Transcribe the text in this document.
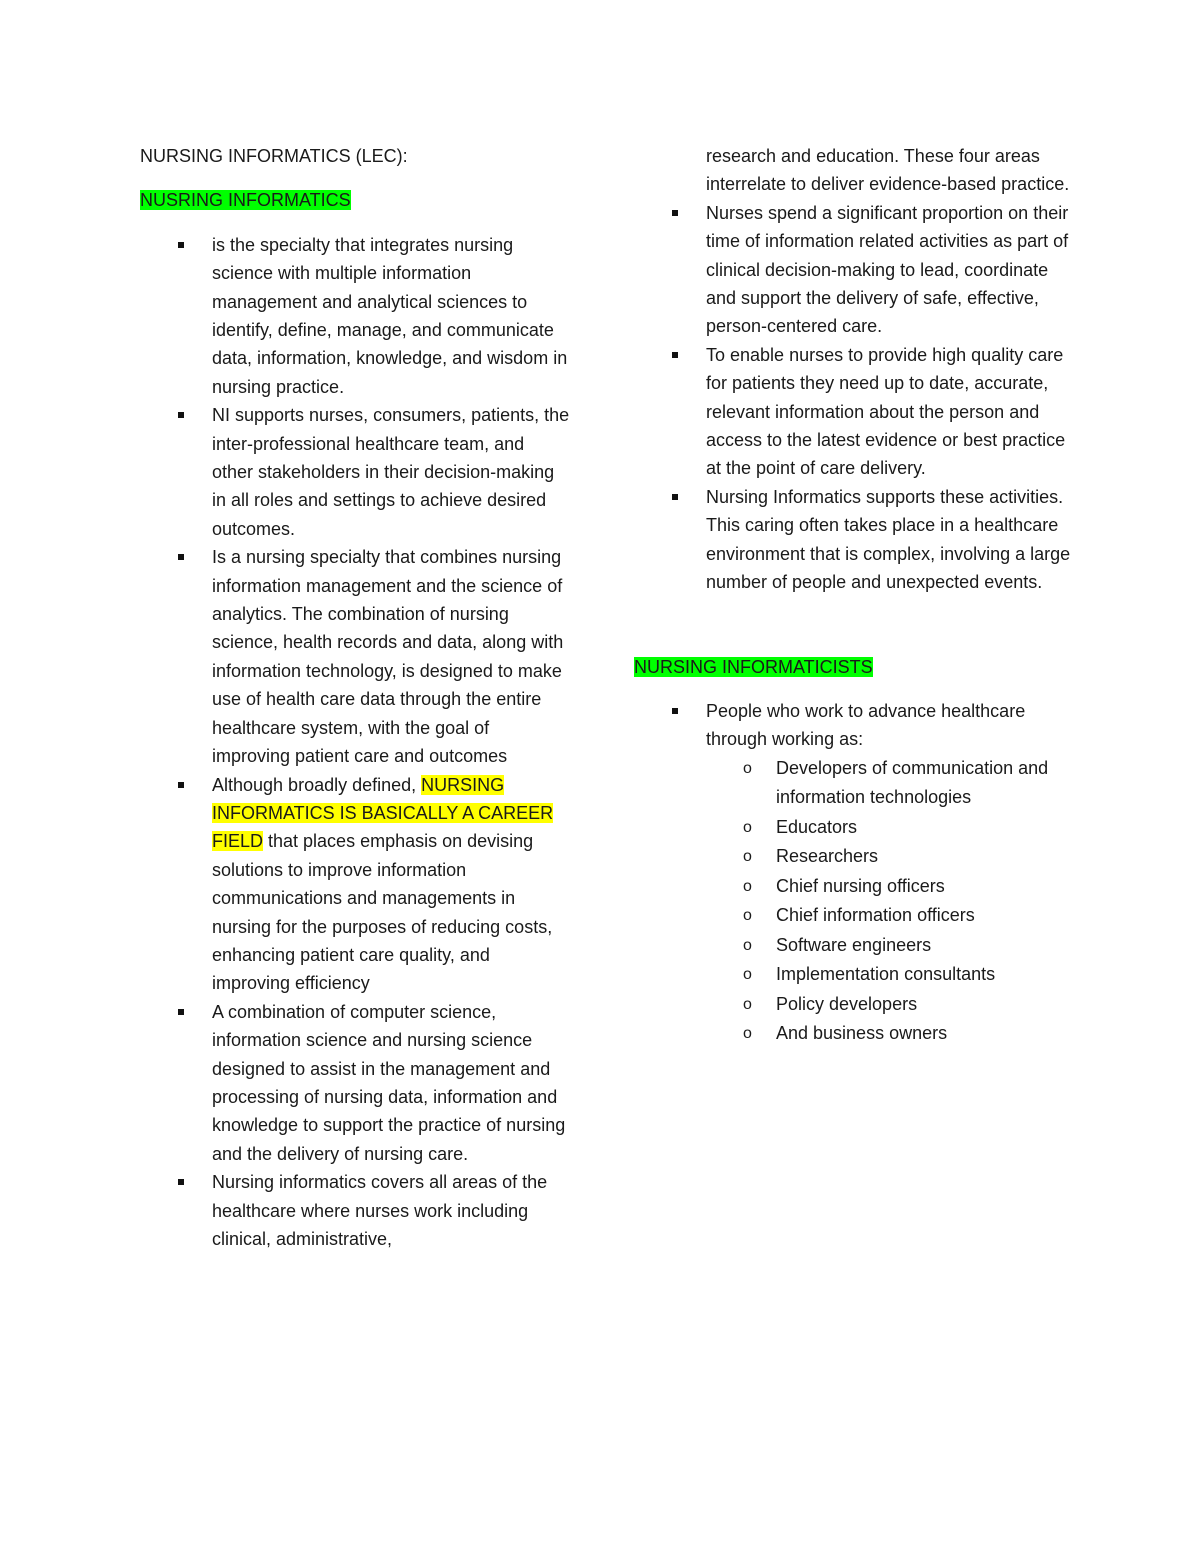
NURSING INFORMATICS (LEC):
NUSRING INFORMATICS
is the specialty that integrates nursing science with multiple information management and analytical sciences to identify, define, manage, and communicate data, information, knowledge, and wisdom in nursing practice.
NI supports nurses, consumers, patients, the inter-professional healthcare team, and other stakeholders in their decision-making in all roles and settings to achieve desired outcomes.
Is a nursing specialty that combines nursing information management and the science of analytics. The combination of nursing science, health records and data, along with information technology, is designed to make use of health care data through the entire healthcare system, with the goal of improving patient care and outcomes
Although broadly defined, NURSING INFORMATICS IS BASICALLY A CAREER FIELD that places emphasis on devising solutions to improve information communications and managements in nursing for the purposes of reducing costs, enhancing patient care quality, and improving efficiency
A combination of computer science, information science and nursing science designed to assist in the management and processing of nursing data, information and knowledge to support the practice of nursing and the delivery of nursing care.
Nursing informatics covers all areas of the healthcare where nurses work including clinical, administrative,
research and education. These four areas interrelate to deliver evidence-based practice.
Nurses spend a significant proportion on their time of information related activities as part of clinical decision-making to lead, coordinate and support the delivery of safe, effective, person-centered care.
To enable nurses to provide high quality care for patients they need up to date, accurate, relevant information about the person and access to the latest evidence or best practice at the point of care delivery.
Nursing Informatics supports these activities. This caring often takes place in a healthcare environment that is complex, involving a large number of people and unexpected events.
NURSING INFORMATICISTS
People who work to advance healthcare through working as:
o Developers of communication and information technologies
o Educators
o Researchers
o Chief nursing officers
o Chief information officers
o Software engineers
o Implementation consultants
o Policy developers
o And business owners
